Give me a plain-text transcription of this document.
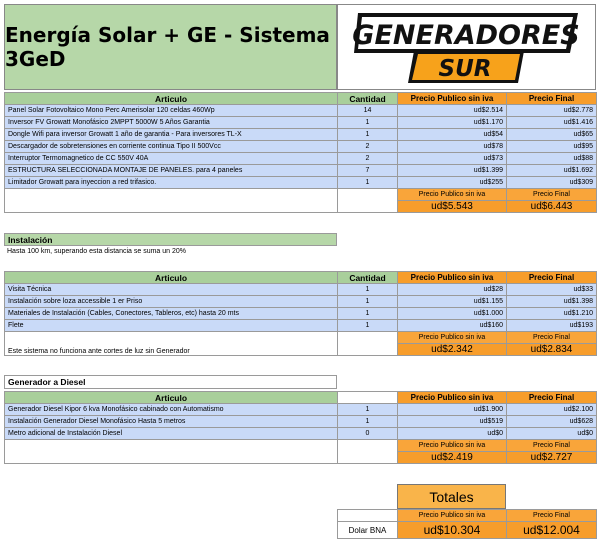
Energía Solar + GE - Sistema 3GeD
GENERADORES
SUR
Articulo	Cantidad	Precio Publico sin iva	Precio Final
Panel Solar Fotovoltaico Mono Perc Amerisolar 120 celdas 460Wp	14	ud$2.514	ud$2.778
Inversor FV Growatt Monofásico 2MPPT 5000W 5 Años Garantia	1	ud$1.170	ud$1.416
Dongle Wifi para inversor Growatt 1 año de garantia - Para inversores TL-X	1	ud$54	ud$65
Descargador de sobretensiones en corriente continua Tipo II 500Vcc	2	ud$78	ud$95
Interruptor Termomagnetico de CC 550V 40A	2	ud$73	ud$88
ESTRUCTURA SELECCIONADA MONTAJE DE PANELES. para 4 paneles	7	ud$1.399	ud$1.692
Limitador Growatt para inyeccion a red trifasico.	1	ud$255	ud$309
		Precio Publico sin iva	Precio Final
		ud$5.543	ud$6.443
Instalación
Hasta 100 km, superando esta distancia se suma un 20%
Articulo	Cantidad	Precio Publico sin iva	Precio Final
Visita Técnica	1	ud$28	ud$33
Instalación sobre loza accessible 1 er Priso	1	ud$1.155	ud$1.398
Materiales de Instalación (Cables, Conectores, Tableros, etc) hasta 20 mts	1	ud$1.000	ud$1.210
Flete	1	ud$160	ud$193
Este sistema no funciona ante cortes de luz sin Generador		Precio Publico sin iva	Precio Final
		ud$2.342	ud$2.834
Generador a Diesel
Articulo		Precio Publico sin iva	Precio Final
Generador Diesel Kipor 6 kva Monofásico cabinado con Automatismo	1	ud$1.900	ud$2.100
Instalación Generador Diesel Monofásico Hasta 5 metros	1	ud$519	ud$628
Metro adicional de Instalación Diesel	0	ud$0	ud$0
		Precio Publico sin iva	Precio Final
		ud$2.419	ud$2.727
Totales
	Precio Publico sin iva	Precio Final
Dolar BNA	ud$10.304	ud$12.004
